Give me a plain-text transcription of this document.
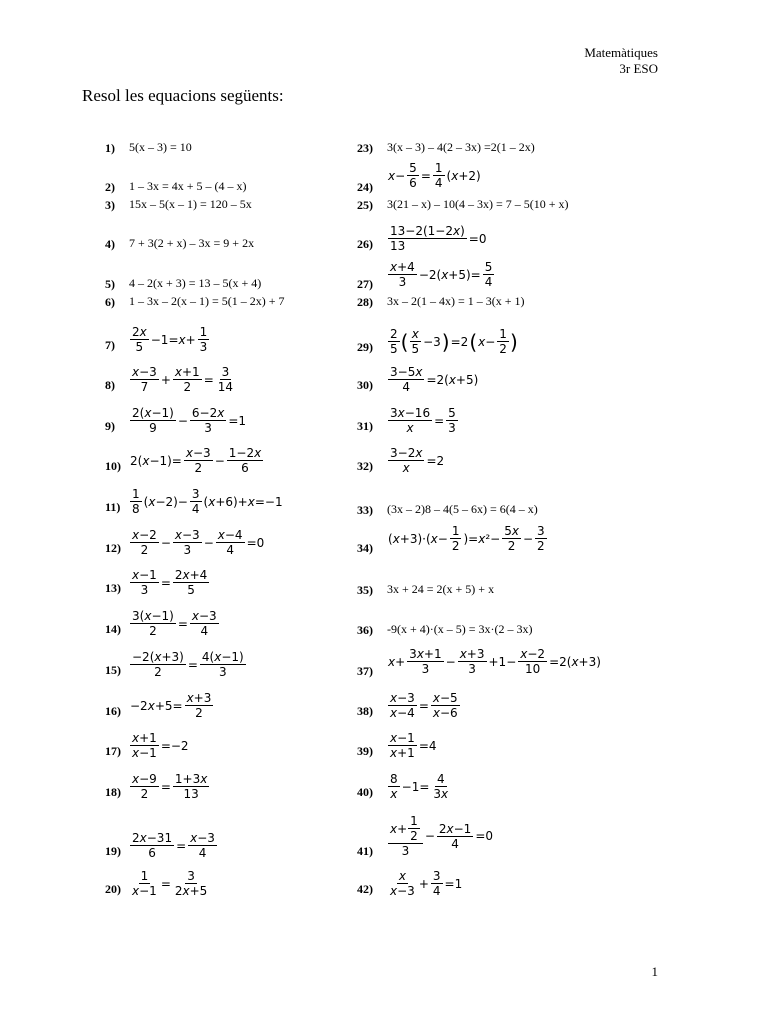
Matemàtiques
3r ESO
Resol les equacions següents:
1) 5(x – 3) = 10
2) 1 – 3x = 4x + 5 – (4 – x)
3) 15x – 5(x – 1) = 120 – 5x
4) 7 + 3(2 + x) – 3x = 9 + 2x
5) 4 – 2(x + 3) = 13 – 5(x + 4)
6) 1 – 3x – 2(x – 1) = 5(1 – 2x) + 7
7)
2x
5
$-1=x+ \frac{1}{3}$
8)
x−3
7
+ $\frac{x+1}{2} = \frac{3}{14}$
9)
2(x−1)
9
− $\frac{6-2x}{3} =1$
10) $2(x-1)= \frac{x-3}{2} - \frac{1-2x}{6}$
11)
1
8
$(x-2)- \frac{3}{4} (x+6)+x=-1$
12)
x−2
2
− $\frac{x-3}{3} - \frac{x-4}{4} =0$
$13) \frac{x-1}{3} = \frac{2x+4}{5}$
$14) \frac{3(x-1)}{2} = \frac{x-3}{4}$
$15) \frac{-2(x+3)}{2} = \frac{4(x-1)}{3}$
$16) -2x+5= \frac{x+3}{2}$
$17) \frac{x+1}{x-1} =-2$
$18) \frac{x-9}{2} = \frac{1+3x}{13}$
$19) \frac{2x-31}{6} = \frac{x-3}{4}$
$20) \frac{1}{x-1} = \frac{3}{2x+5}$
23) 3(x – 3) – 4(2 – 3x) =2(1 – 2x)
24)
$x- \frac{5}{6} = \frac{1}{4} (x+2)$
25) 3(21 – x) – 10(4 – 3x) = 7 – 5(10 + x)
$26) \frac{13-2(1-2x)}{13} =0$
27)
x+4
3
$-2(x+5)= \frac{5}{4}$
28) 3x – 2(1 – 4x) = 1 – 3(x + 1)
29)
2
5 ( x
5
−3 ) =2 ( $x- \frac{1}{2}$ )
$30) \frac{3-5x}{4} =2(x+5)$
$31) \frac{3x-16}{x} = \frac{5}{3}$
$32) \frac{3-2x}{x} =2$
33) (3x – 2)8 – 4(5 – 6x) = 6(4 – x)
34)
$(x+3)\cdot(x- \frac{1}{2} )=x^2- \frac{5x}{2} - \frac{3}{2}$
35) 3x + 24 = 2(x + 5) + x
36) -9(x + 4)·(x – 5) = 3x·(2 – 3x)
37)
$x+ \frac{3x+1}{3} - \frac{x+3}{3} +1- \frac{x-2}{10} =2(x+3)$
$38) \frac{x-3}{x-4} = \frac{x-5}{x-6}$
$39) \frac{x-1}{x+1} =4$
40)
8
x
$-1= \frac{4}{3x}$
41)
x +
1
2
3
− $\frac{2x-1}{4} =0$
42)
x
x−3
+ $\frac{3}{4} =1$
1
